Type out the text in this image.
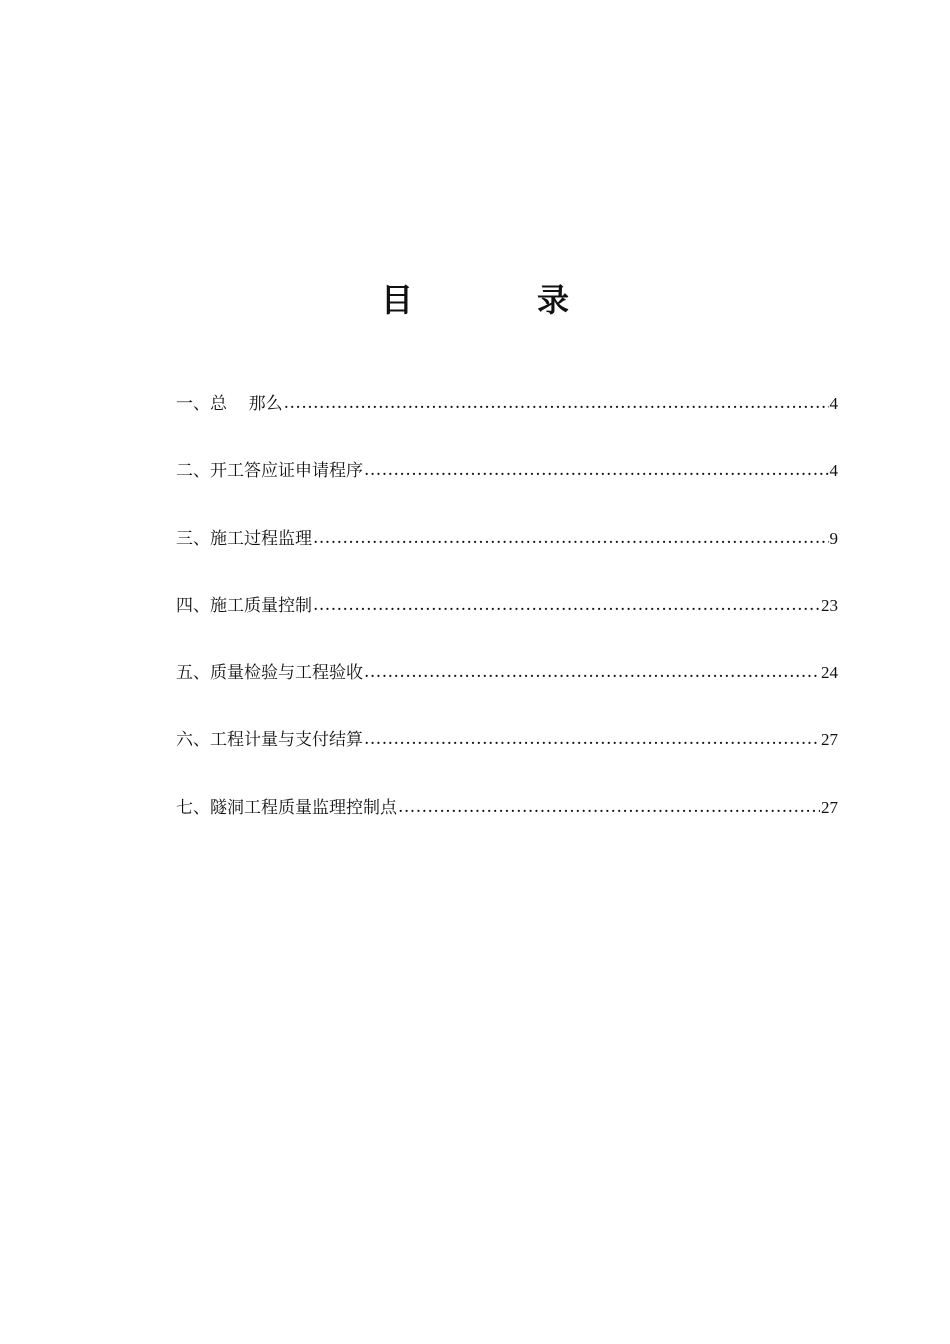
目	录
一、总    那么 .....	4
二、开工答应证申请程序 .....	4
三、施工过程监理 .....	9
四、施工质量控制 .....	23
五、质量检验与工程验收 .....	24
六、工程计量与支付结算 .....	27
七、隧洞工程质量监理控制点 .....	27
